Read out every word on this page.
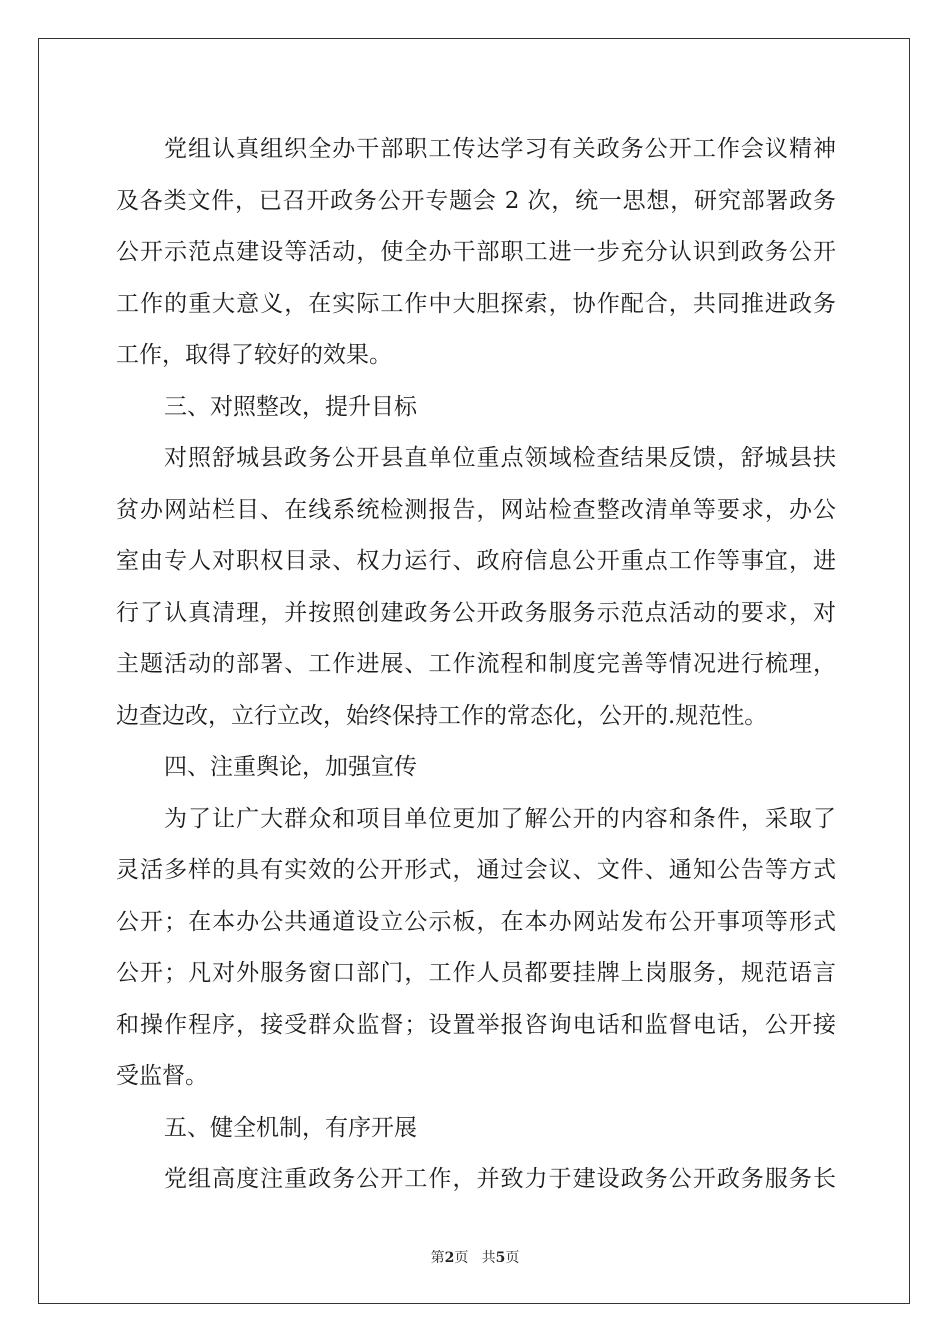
党组认真组织全办干部职工传达学习有关政务公开工作会议精神
及各类文件，已召开政务公开专题会 2 次，统一思想，研究部署政务
公开示范点建设等活动，使全办干部职工进一步充分认识到政务公开
工作的重大意义，在实际工作中大胆探索，协作配合，共同推进政务
工作，取得了较好的效果。
三、对照整改，提升目标
对照舒城县政务公开县直单位重点领域检查结果反馈，舒城县扶
贫办网站栏目、在线系统检测报告，网站检查整改清单等要求，办公
室由专人对职权目录、权力运行、政府信息公开重点工作等事宜，进
行了认真清理，并按照创建政务公开政务服务示范点活动的要求，对
主题活动的部署、工作进展、工作流程和制度完善等情况进行梳理，
边查边改，立行立改，始终保持工作的常态化，公开的.规范性。
四、注重舆论，加强宣传
为了让广大群众和项目单位更加了解公开的内容和条件，采取了
灵活多样的具有实效的公开形式，通过会议、文件、通知公告等方式
公开；在本办公共通道设立公示板，在本办网站发布公开事项等形式
公开；凡对外服务窗口部门，工作人员都要挂牌上岗服务，规范语言
和操作程序，接受群众监督；设置举报咨询电话和监督电话，公开接
受监督。
五、健全机制，有序开展
党组高度注重政务公开工作，并致力于建设政务公开政务服务长
第2页 共5页
